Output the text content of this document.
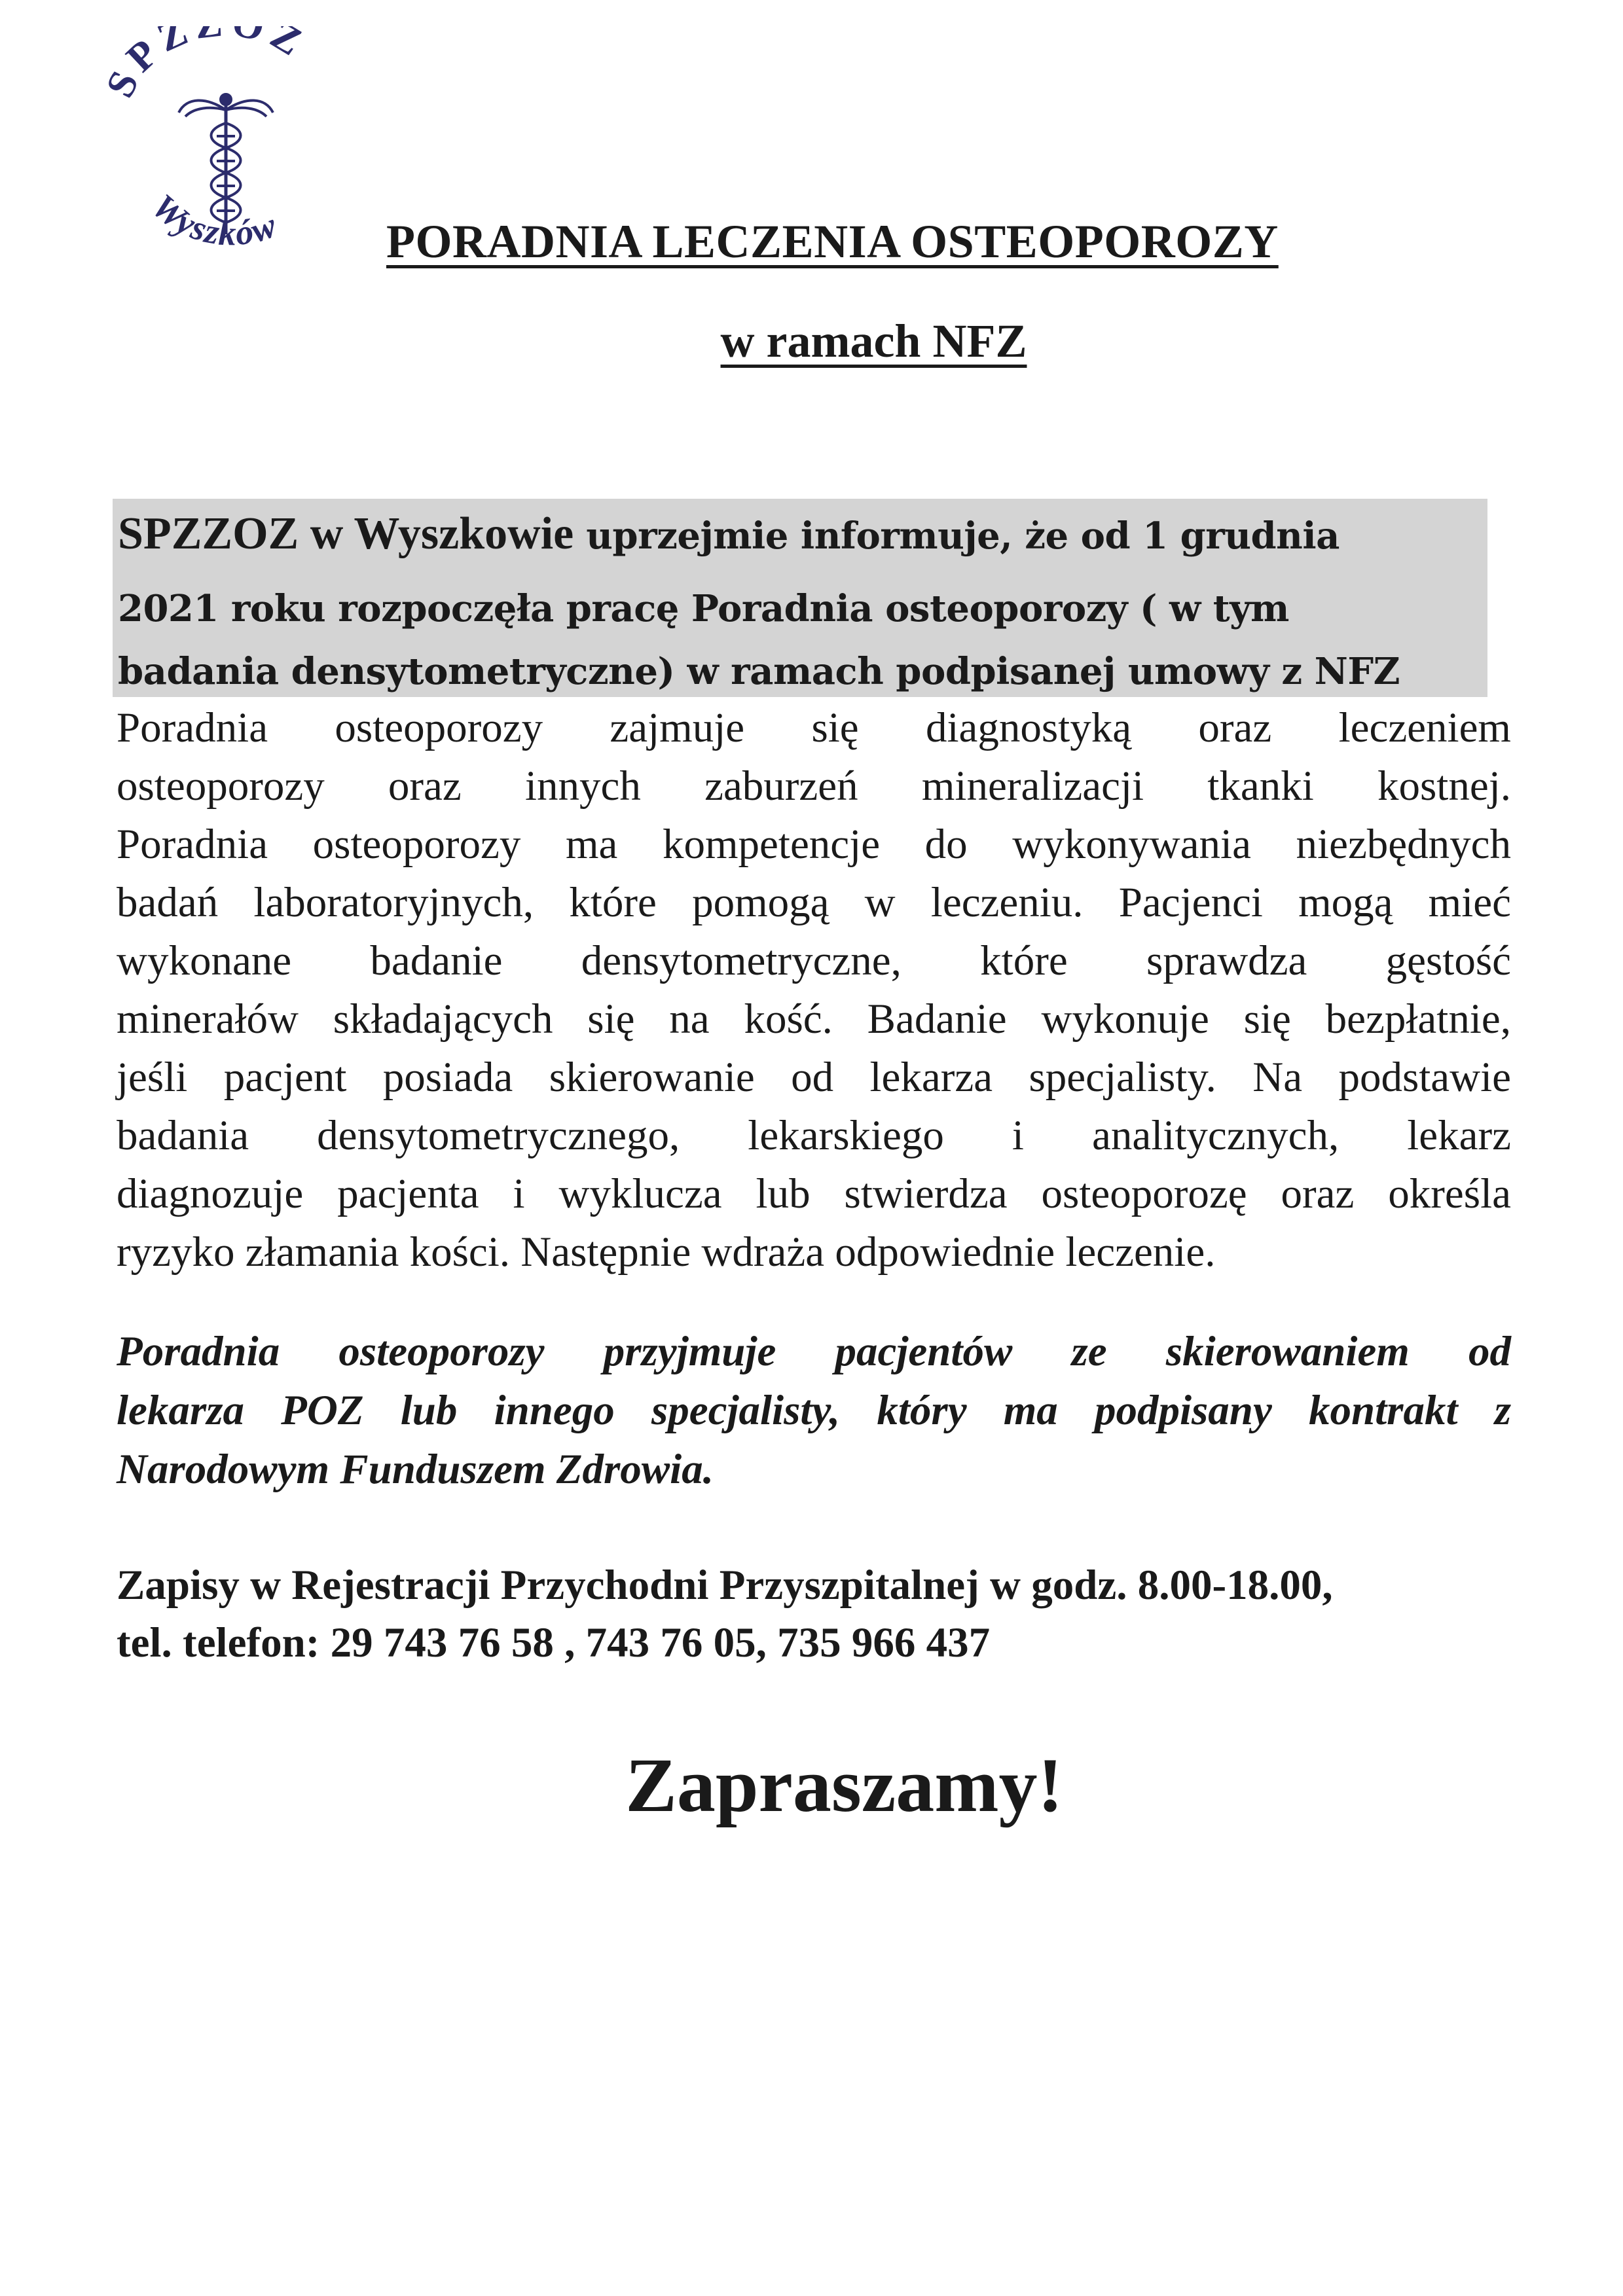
PZ Z
Wyszków PORADNIA LECZENIA OSTEOPOROZY
w ramach NFZ

SPZZOZ w Wyszkowie uprzejmie informuje, że od 1 grudnia

2021 roku rozpoczęła pracę Poradnia osteoporozy ( w tym

badania densytometryczne) w ramach podpisanej umowy z NFZ

Poradnia osteoporozy zajmuje się diagnostyką oraz leczeniem
osteoporozy oraz innych zaburzeń mineralizacji tkanki kostnej.
Poradnia osteoporozy ma kompetencje do wykonywania niezbędnych
badań laboratoryjnych, które pomogą w leczeniu. Pacjenci mogą mieć
wykonane badanie densytometryczne, które sprawdza gęstość
minerałów składających się na kość. Badanie wykonuje się bezpłatnie,
jeśli pacjent posiada skierowanie od lekarza specjalisty. Na podstawie
badania densytometrycznego, lekarskiego i analitycznych, lekarz
diagnozuje pacjenta i wyklucza lub stwierdza osteoporozę oraz określa
ryzyko złamania kości. Następnie wdraża odpowiednie leczenie.

Poradnia osteoporozy przyjmuje pacjentów ze skierowaniem od
lekarza POZ lub innego specjalisty, który ma podpisany kontrakt z
Narodowym Funduszem Zdrowia.

Zapisy w Rejestracji Przychodni Przyszpitalnej w godz. 8.00-18.00,
tel. telefon: 29 743 76 58 , 743 76 05, 735 966 437

Zapraszamy!
